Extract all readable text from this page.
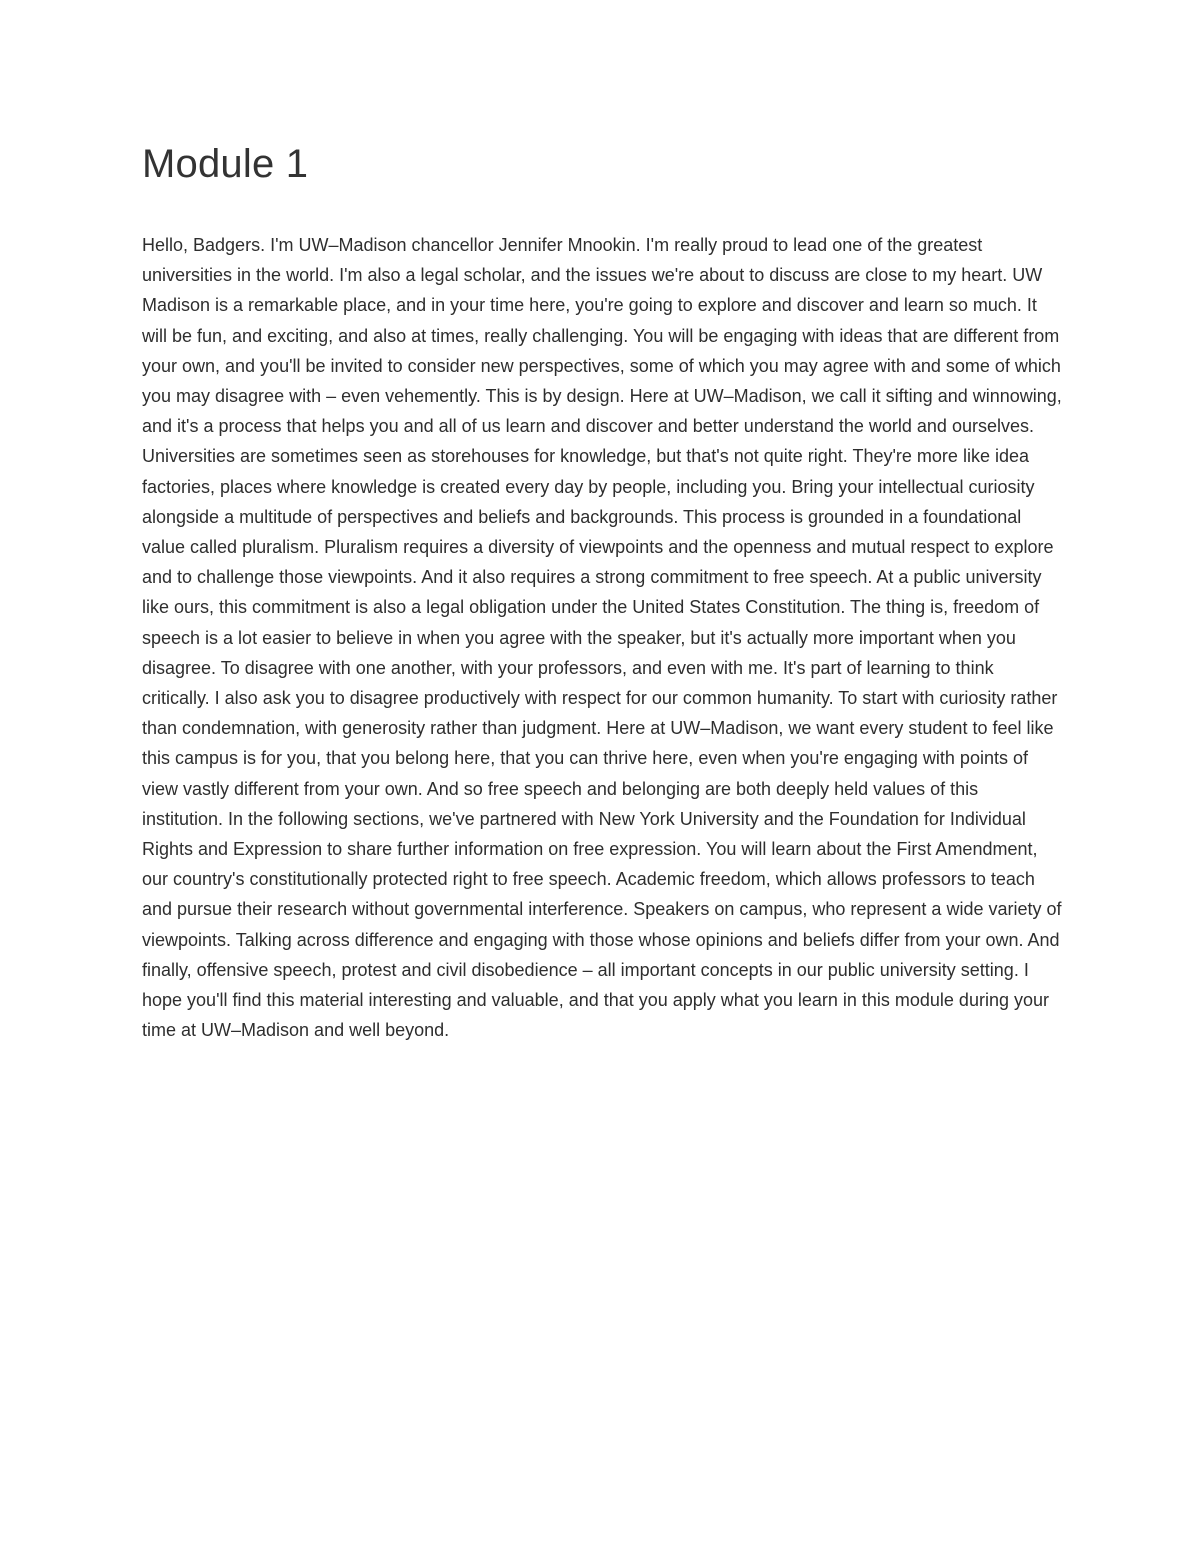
Module 1

Hello, Badgers. I'm UW–Madison chancellor Jennifer Mnookin. I'm really proud to lead one of the greatest universities in the world. I'm also a legal scholar, and the issues we're about to discuss are close to my heart. UW Madison is a remarkable place, and in your time here, you're going to explore and discover and learn so much. It will be fun, and exciting, and also at times, really challenging. You will be engaging with ideas that are different from your own, and you'll be invited to consider new perspectives, some of which you may agree with and some of which you may disagree with – even vehemently. This is by design. Here at UW–Madison, we call it sifting and winnowing, and it's a process that helps you and all of us learn and discover and better understand the world and ourselves. Universities are sometimes seen as storehouses for knowledge, but that's not quite right. They're more like idea factories, places where knowledge is created every day by people, including you. Bring your intellectual curiosity alongside a multitude of perspectives and beliefs and backgrounds. This process is grounded in a foundational value called pluralism. Pluralism requires a diversity of viewpoints and the openness and mutual respect to explore and to challenge those viewpoints. And it also requires a strong commitment to free speech. At a public university like ours, this commitment is also a legal obligation under the United States Constitution. The thing is, freedom of speech is a lot easier to believe in when you agree with the speaker, but it's actually more important when you disagree. To disagree with one another, with your professors, and even with me. It's part of learning to think critically. I also ask you to disagree productively with respect for our common humanity. To start with curiosity rather than condemnation, with generosity rather than judgment. Here at UW–Madison, we want every student to feel like this campus is for you, that you belong here, that you can thrive here, even when you're engaging with points of view vastly different from your own. And so free speech and belonging are both deeply held values of this institution. In the following sections, we've partnered with New York University and the Foundation for Individual Rights and Expression to share further information on free expression. You will learn about the First Amendment, our country's constitutionally protected right to free speech. Academic freedom, which allows professors to teach and pursue their research without governmental interference. Speakers on campus, who represent a wide variety of viewpoints. Talking across difference and engaging with those whose opinions and beliefs differ from your own. And finally, offensive speech, protest and civil disobedience – all important concepts in our public university setting. I hope you'll find this material interesting and valuable, and that you apply what you learn in this module during your time at UW–Madison and well beyond.
